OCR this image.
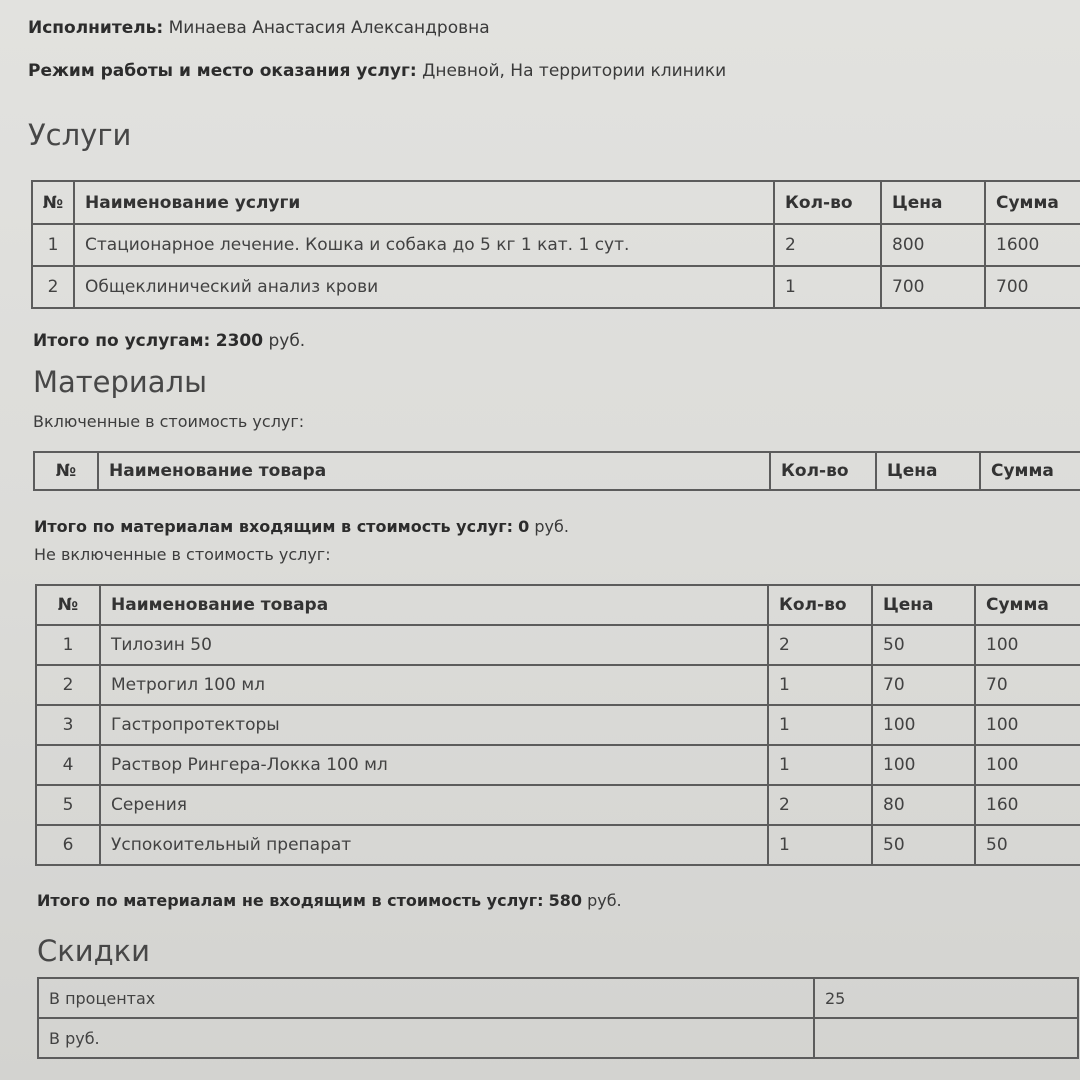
Исполнитель: Минаева Анастасия Александровна
Режим работы и место оказания услуг: Дневной, На территории клиники
Услуги
№	Наименование услуги	Кол-во	Цена	Сумма
1	Стационарное лечение. Кошка и собака до 5 кг 1 кат. 1 сут.	2	800	1600
2	Общеклинический анализ крови	1	700	700
Итого по услугам: 2300 руб.
Материалы
Включенные в стоимость услуг:
№	Наименование товара	Кол-во	Цена	Сумма
Итого по материалам входящим в стоимость услуг: 0 руб.
Не включенные в стоимость услуг:
№	Наименование товара	Кол-во	Цена	Сумма
1	Тилозин 50	2	50	100
2	Метрогил 100 мл	1	70	70
3	Гастропротекторы	1	100	100
4	Раствор Рингера-Локка 100 мл	1	100	100
5	Серения	2	80	160
6	Успокоительный препарат	1	50	50
Итого по материалам не входящим в стоимость услуг: 580 руб.
Скидки
В процентах	25
В руб.	
